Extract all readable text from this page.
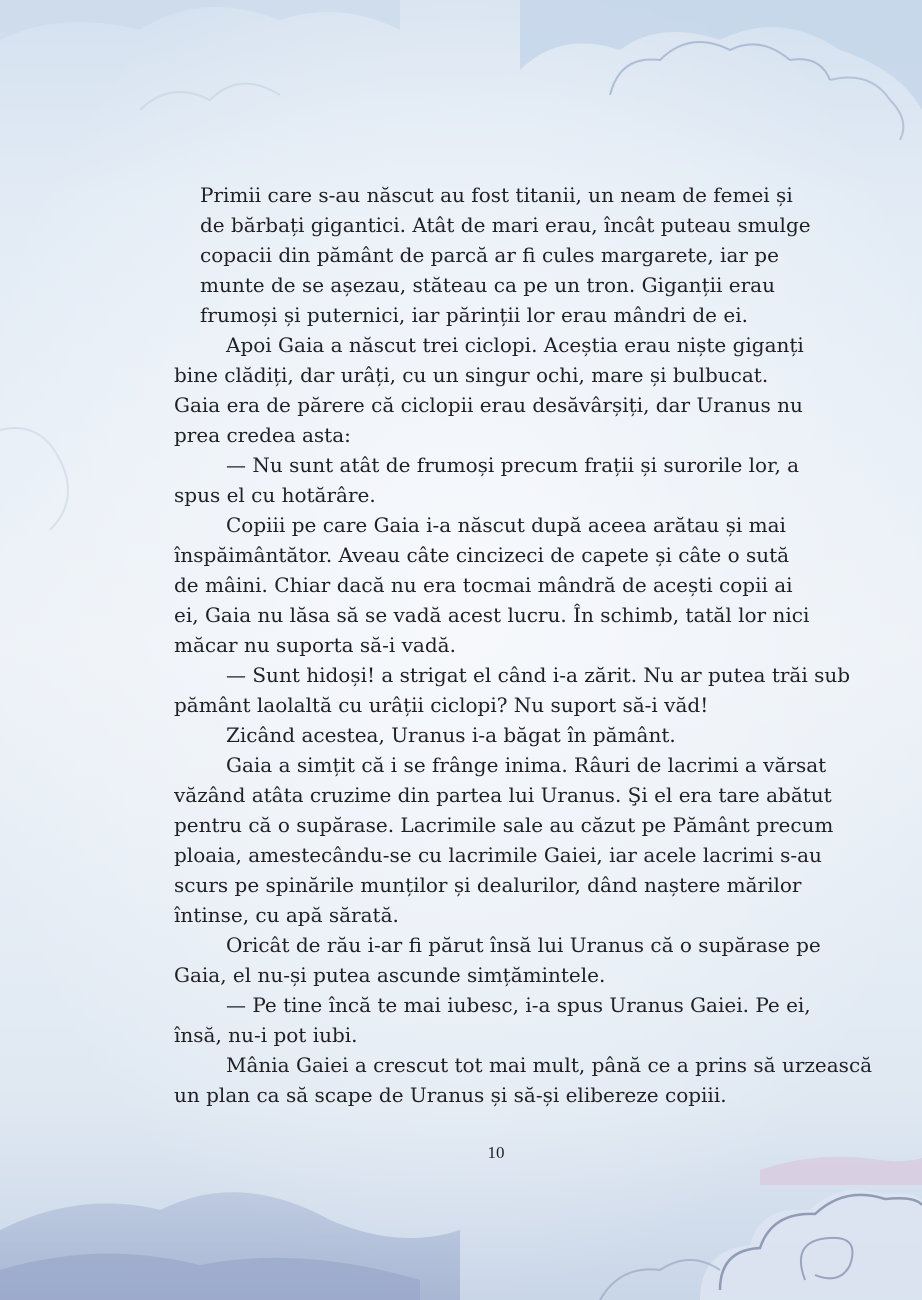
Primii care s-au născut au fost titanii, un neam de femei și
de bărbați gigantici. Atât de mari erau, încât puteau smulge
copacii din pământ de parcă ar fi cules margarete, iar pe
munte de se așezau, stăteau ca pe un tron. Giganții erau
frumoși și puternici, iar părinții lor erau mândri de ei.

Apoi Gaia a născut trei ciclopi. Aceștia erau niște giganți
bine clădiți, dar urâți, cu un singur ochi, mare și bulbucat.
Gaia era de părere că ciclopii erau desăvârșiți, dar Uranus nu
prea credea asta:

— Nu sunt atât de frumoși precum frații și surorile lor, a
spus el cu hotărâre.

Copiii pe care Gaia i-a născut după aceea arătau și mai
înspăimântător. Aveau câte cincizeci de capete și câte o sută
de mâini. Chiar dacă nu era tocmai mândră de acești copii ai
ei, Gaia nu lăsa să se vadă acest lucru. În schimb, tatăl lor nici
măcar nu suporta să-i vadă.

— Sunt hidoși! a strigat el când i-a zărit. Nu ar putea trăi sub
pământ laolaltă cu urâții ciclopi? Nu suport să-i văd!

Zicând acestea, Uranus i-a băgat în pământ.

Gaia a simțit că i se frânge inima. Râuri de lacrimi a vărsat
văzând atâta cruzime din partea lui Uranus. Şi el era tare abătut
pentru că o supărase. Lacrimile sale au căzut pe Pământ precum
ploaia, amestecându-se cu lacrimile Gaiei, iar acele lacrimi s-au
scurs pe spinările munților și dealurilor, dând naștere mărilor
întinse, cu apă sărată.

Oricât de rău i-ar fi părut însă lui Uranus că o supărase pe
Gaia, el nu-și putea ascunde simțămintele.

— Pe tine încă te mai iubesc, i-a spus Uranus Gaiei. Pe ei,
însă, nu-i pot iubi.

Mânia Gaiei a crescut tot mai mult, până ce a prins să urzească
un plan ca să scape de Uranus și să-și elibereze copiii.

10
